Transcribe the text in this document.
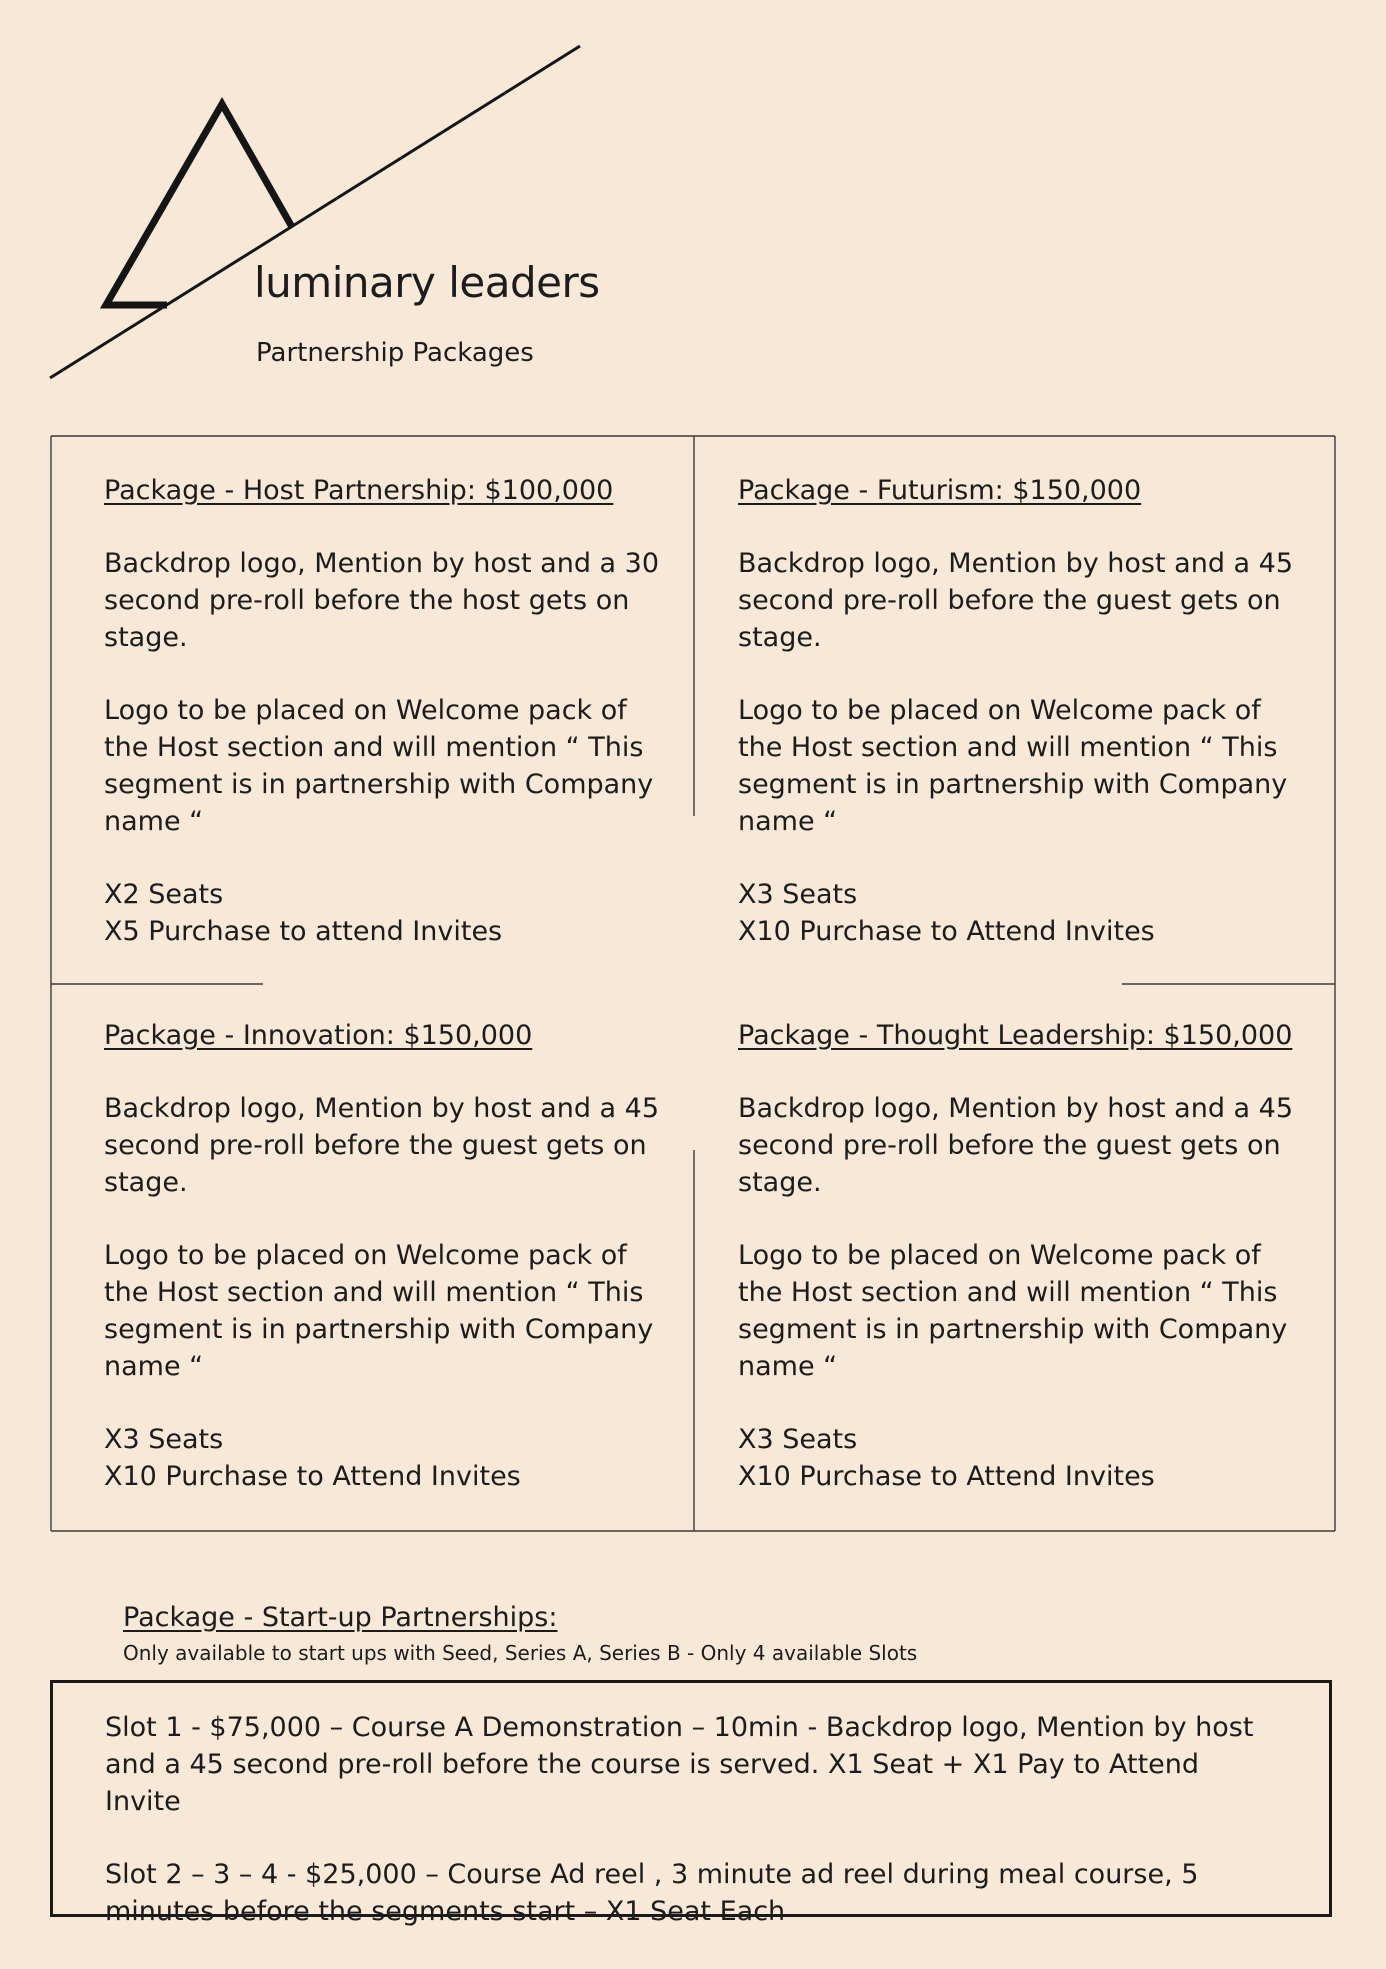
luminary leaders
Partnership Packages

Package - Host Partnership: $100,000

Backdrop logo, Mention by host and a 30 second pre-roll before the host gets on stage.

Logo to be placed on Welcome pack of the Host section and will mention “ This segment is in partnership with Company name “

X2 Seats
X5 Purchase to attend Invites

Package - Futurism: $150,000

Backdrop logo, Mention by host and a 45 second pre-roll before the guest gets on stage.

Logo to be placed on Welcome pack of the Host section and will mention “ This segment is in partnership with Company name “

X3 Seats
X10 Purchase to Attend Invites

Package - Innovation: $150,000

Backdrop logo, Mention by host and a 45 second pre-roll before the guest gets on stage.

Logo to be placed on Welcome pack of the Host section and will mention “ This segment is in partnership with Company name “

X3 Seats
X10 Purchase to Attend Invites

Package - Thought Leadership: $150,000

Backdrop logo, Mention by host and a 45 second pre-roll before the guest gets on stage.

Logo to be placed on Welcome pack of the Host section and will mention “ This segment is in partnership with Company name “

X3 Seats
X10 Purchase to Attend Invites

Package - Start-up Partnerships:
Only available to start ups with Seed, Series A, Series B - Only 4 available Slots

Slot 1 - $75,000 – Course A Demonstration – 10min - Backdrop logo, Mention by host and a 45 second pre-roll before the course is served. X1 Seat + X1 Pay to Attend Invite

Slot 2 – 3 – 4 - $25,000 – Course Ad reel , 3 minute ad reel during meal course, 5 minutes before the segments start – X1 Seat Each
